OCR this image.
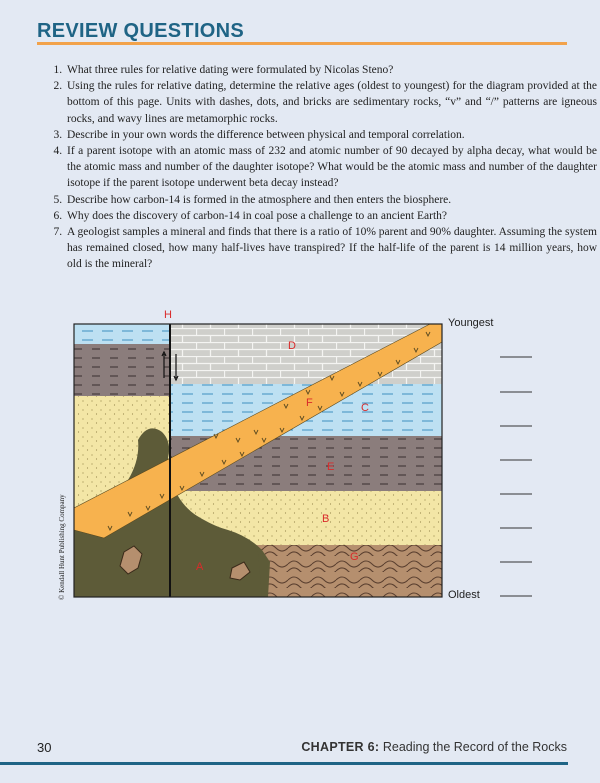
REVIEW QUESTIONS
1. What three rules for relative dating were formulated by Nicolas Steno?
2. Using the rules for relative dating, determine the relative ages (oldest to youngest) for the diagram provided at the bottom of this page. Units with dashes, dots, and bricks are sedimentary rocks, “v” and “/” patterns are igneous rocks, and wavy lines are metamorphic rocks.
3. Describe in your own words the difference between physical and temporal correlation.
4. If a parent isotope with an atomic mass of 232 and atomic number of 90 decayed by alpha decay, what would be the atomic mass and number of the daughter isotope? What would be the atomic mass and number of the daughter isotope if the parent isotope underwent beta decay instead?
5. Describe how carbon-14 is formed in the atmosphere and then enters the biosphere.
6. Why does the discovery of carbon-14 in coal pose a challenge to an ancient Earth?
7. A geologist samples a mineral and finds that there is a ratio of 10% parent and 90% daughter. Assuming the system has remained closed, how many half-lives have transpired? If the half-life of the parent is 14 million years, how old is the mineral?
H
D
C
F
E
B
G
A
Youngest
Oldest
© Kendall Hunt Publishing Company
30	CHAPTER 6: Reading the Record of the Rocks
